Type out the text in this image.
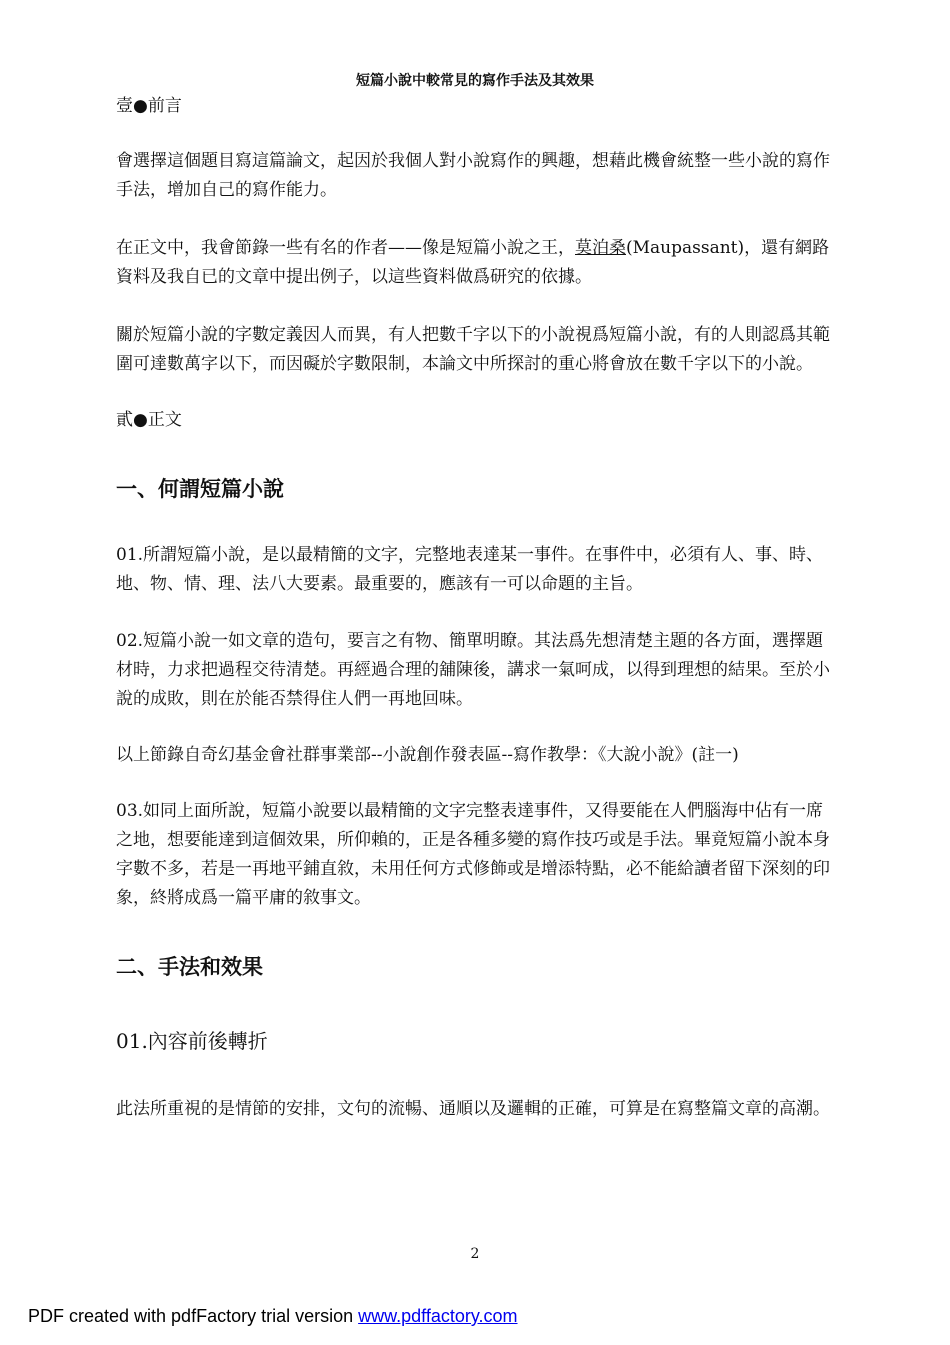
短篇小說中較常見的寫作手法及其效果

壹●前言

會選擇這個題目寫這篇論文，起因於我個人對小說寫作的興趣，想藉此機會統整一些小說的寫作手法，增加自己的寫作能力。

在正文中，我會節錄一些有名的作者——像是短篇小說之王，莫泊桑(Maupassant)，還有網路資料及我自已的文章中提出例子，以這些資料做爲研究的依據。

關於短篇小說的字數定義因人而異，有人把數千字以下的小說視爲短篇小說，有的人則認爲其範圍可達數萬字以下，而因礙於字數限制，本論文中所探討的重心將會放在數千字以下的小說。

貳●正文

一、何謂短篇小說

01.所謂短篇小說，是以最精簡的文字，完整地表達某一事件。在事件中，必須有人、事、時、地、物、情、理、法八大要素。最重要的，應該有一可以命題的主旨。

02.短篇小說一如文章的造句，要言之有物、簡單明瞭。其法爲先想清楚主題的各方面，選擇題材時，力求把過程交待清楚。再經過合理的舖陳後，講求一氣呵成，以得到理想的結果。至於小說的成敗，則在於能否禁得住人們一再地回味。

以上節錄自奇幻基金會社群事業部--小說創作發表區--寫作教學：《大說小說》(註一)

03.如同上面所說，短篇小說要以最精簡的文字完整表達事件，又得要能在人們腦海中佔有一席之地，想要能達到這個效果，所仰賴的，正是各種多變的寫作技巧或是手法。畢竟短篇小說本身字數不多，若是一再地平鋪直敘，未用任何方式修飾或是增添特點，必不能給讀者留下深刻的印象，終將成爲一篇平庸的敘事文。

二、手法和效果

01.內容前後轉折

此法所重視的是情節的安排，文句的流暢、通順以及邏輯的正確，可算是在寫整篇文章的高潮。

2
PDF created with pdfFactory trial version www.pdffactory.com
